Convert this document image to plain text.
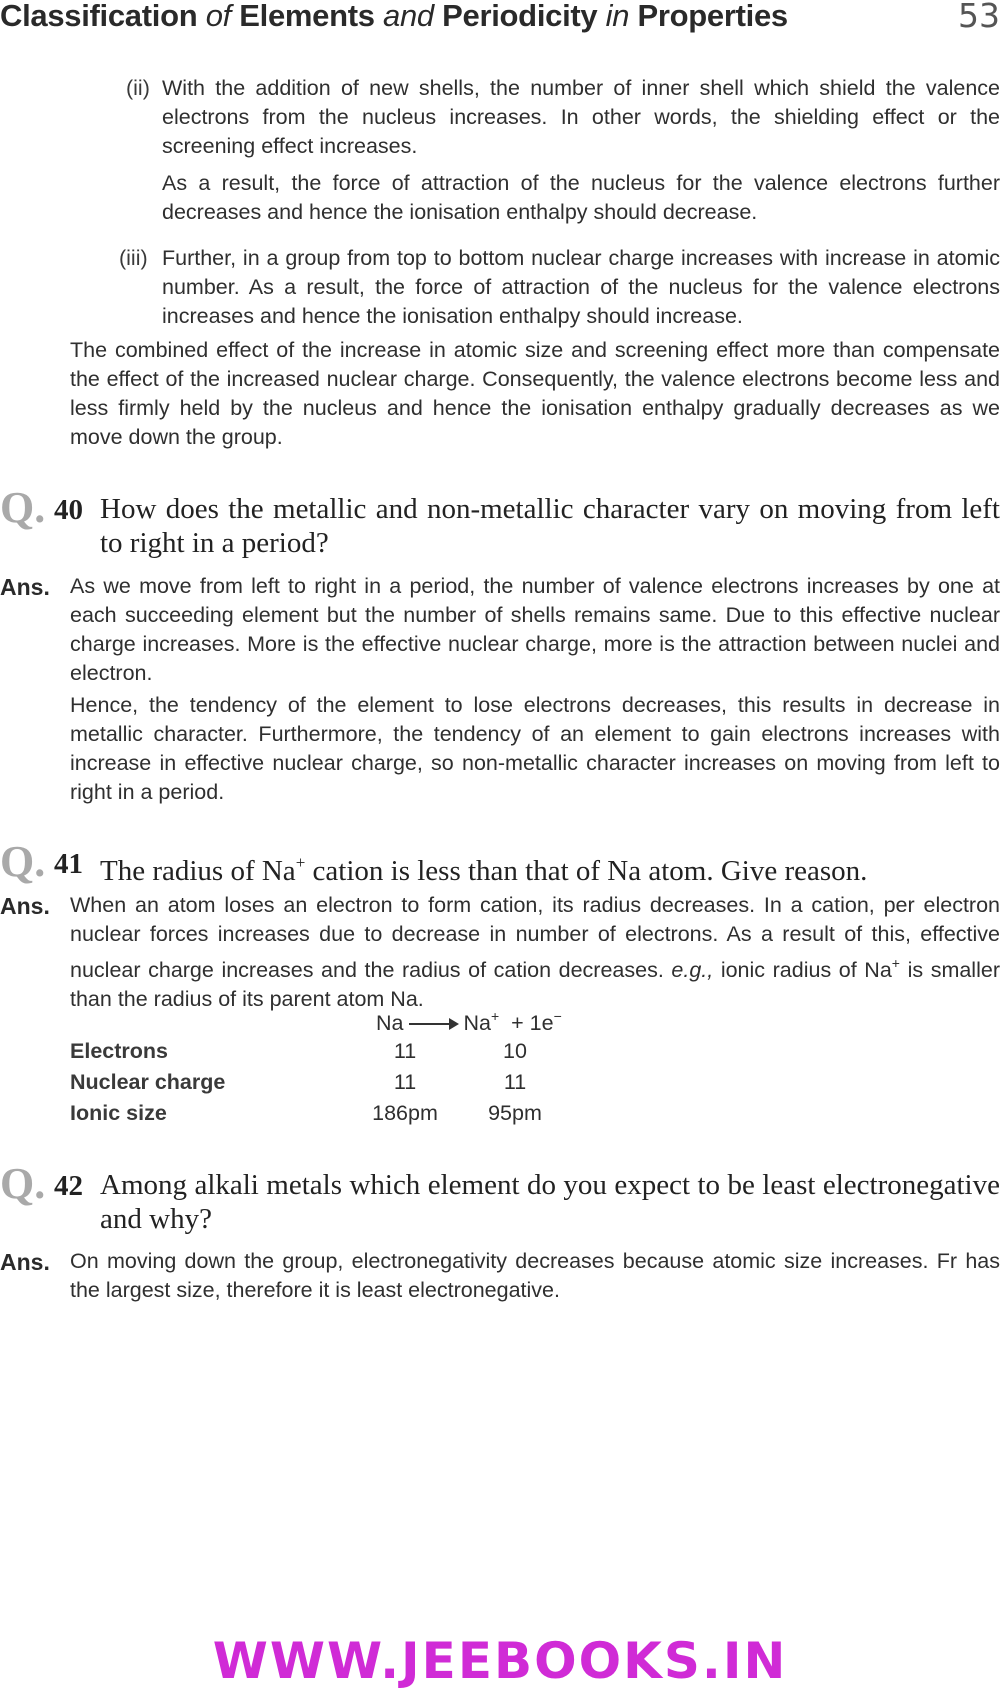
Classification of Elements and Periodicity in Properties	53
(ii) With the addition of new shells, the number of inner shell which shield the valence electrons from the nucleus increases. In other words, the shielding effect or the screening effect increases.

As a result, the force of attraction of the nucleus for the valence electrons further decreases and hence the ionisation enthalpy should decrease.

(iii) Further, in a group from top to bottom nuclear charge increases with increase in atomic number. As a result, the force of attraction of the nucleus for the valence electrons increases and hence the ionisation enthalpy should increase.
The combined effect of the increase in atomic size and screening effect more than compensate the effect of the increased nuclear charge. Consequently, the valence electrons become less and less firmly held by the nucleus and hence the ionisation enthalpy gradually decreases as we move down the group.
Q. 40 How does the metallic and non-metallic character vary on moving from left to right in a period?
Ans. As we move from left to right in a period, the number of valence electrons increases by one at each succeeding element but the number of shells remains same. Due to this effective nuclear charge increases. More is the effective nuclear charge, more is the attraction between nuclei and electron.

Hence, the tendency of the element to lose electrons decreases, this results in decrease in metallic character. Furthermore, the tendency of an element to gain electrons increases with increase in effective nuclear charge, so non-metallic character increases on moving from left to right in a period.

Q. 41 The radius of Na+ cation is less than that of Na atom. Give reason.
Ans. When an atom loses an electron to form cation, its radius decreases. In a cation, per electron nuclear forces increases due to decrease in number of electrons. As a result of this, effective nuclear charge increases and the radius of cation decreases. e.g., ionic radius of Na+ is smaller than the radius of its parent atom Na.
Na → Na+ + 1e−
Electrons	11	10
Nuclear charge	11	11
Ionic size	186pm	95pm
Q. 42 Among alkali metals which element do you expect to be least electronegative and why?
Ans. On moving down the group, electronegativity decreases because atomic size increases. Fr has the largest size, therefore it is least electronegative.
WWW.JEEBOOKS.IN
